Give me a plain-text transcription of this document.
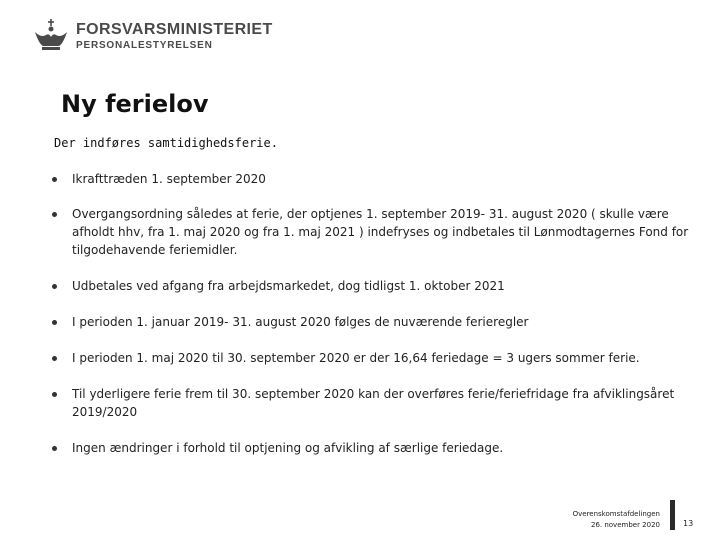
FORSVARSMINISTERIET
PERSONALESTYRELSEN
Ny ferielov

Der indføres samtidighedsferie.

Ikrafttræden 1. september 2020
Overgangsordning således at ferie, der optjenes 1. september 2019- 31. august 2020 ( skulle være afholdt hhv, fra 1. maj 2020 og fra 1. maj 2021 ) indefryses og indbetales til Lønmodtagernes Fond for tilgodehavende feriemidler.
Udbetales ved afgang fra arbejdsmarkedet, dog tidligst 1. oktober 2021
I perioden 1. januar 2019- 31. august 2020 følges de nuværende ferieregler
I perioden 1. maj 2020 til 30. september 2020 er der 16,64 feriedage = 3 ugers sommer ferie.
Til yderligere ferie frem til 30. september 2020 kan der overføres ferie/feriefridage fra afviklingsåret 2019/2020
Ingen ændringer i forhold til optjening og afvikling af særlige feriedage.
Overenskomstafdelingen
26. november 2020	13
